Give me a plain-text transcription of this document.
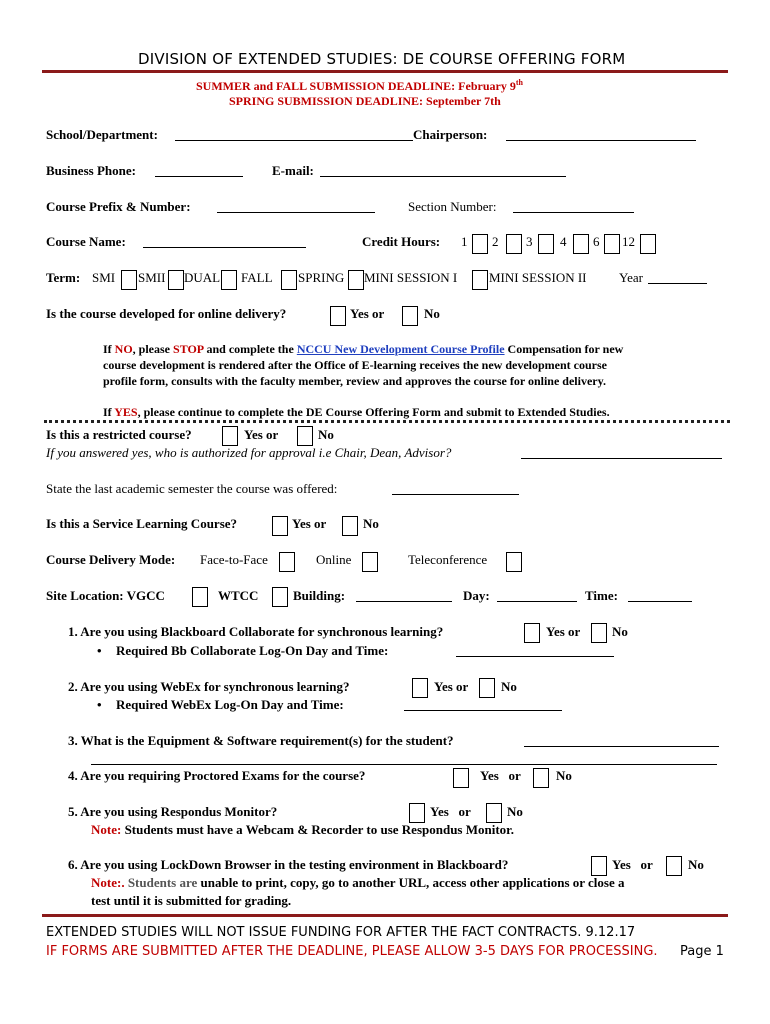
DIVISION OF EXTENDED STUDIES: DE COURSE OFFERING FORM
SUMMER and FALL SUBMISSION DEADLINE: February 9th
SPRING SUBMISSION DEADLINE: September 7th
School/Department:	Chairperson:
Business Phone:	E-mail:
Course Prefix & Number:	Section Number:
Course Name:	Credit Hours: 1 2 3 4 6 12
Term: SMI SMII DUAL FALL SPRING MINI SESSION I MINI SESSION II	Year
Is the course developed for online delivery?	Yes or	No
If NO, please STOP and complete the NCCU New Development Course Profile Compensation for new
course development is rendered after the Office of E-learning receives the new development course
profile form, consults with the faculty member, review and approves the course for online delivery.
If YES, please continue to complete the DE Course Offering Form and submit to Extended Studies.
Is this a restricted course?	Yes or	No
If you answered yes, who is authorized for approval i.e Chair, Dean, Advisor?
State the last academic semester the course was offered:
Is this a Service Learning Course?	Yes or	No
Course Delivery Mode: Face-to-Face	Online	Teleconference
Site Location: VGCC	WTCC	Building:	Day:	Time:
1. Are you using Blackboard Collaborate for synchronous learning?	Yes or No
• Required Bb Collaborate Log-On Day and Time:
2. Are you using WebEx for synchronous learning?	Yes or	No
• Required WebEx Log-On Day and Time:
3. What is the Equipment & Software requirement(s) for the student?
4. Are you requiring Proctored Exams for the course?	Yes   or	No
5. Are you using Respondus Monitor?	Yes   or	No
Note: Students must have a Webcam & Recorder to use Respondus Monitor.
6. Are you using LockDown Browser in the testing environment in Blackboard?	Yes   or	No
Note:. Students are unable to print, copy, go to another URL, access other applications or close a
test until it is submitted for grading.
EXTENDED STUDIES WILL NOT ISSUE FUNDING FOR AFTER THE FACT CONTRACTS. 9.12.17
IF FORMS ARE SUBMITTED AFTER THE DEADLINE, PLEASE ALLOW 3-5 DAYS FOR PROCESSING. Page 1
